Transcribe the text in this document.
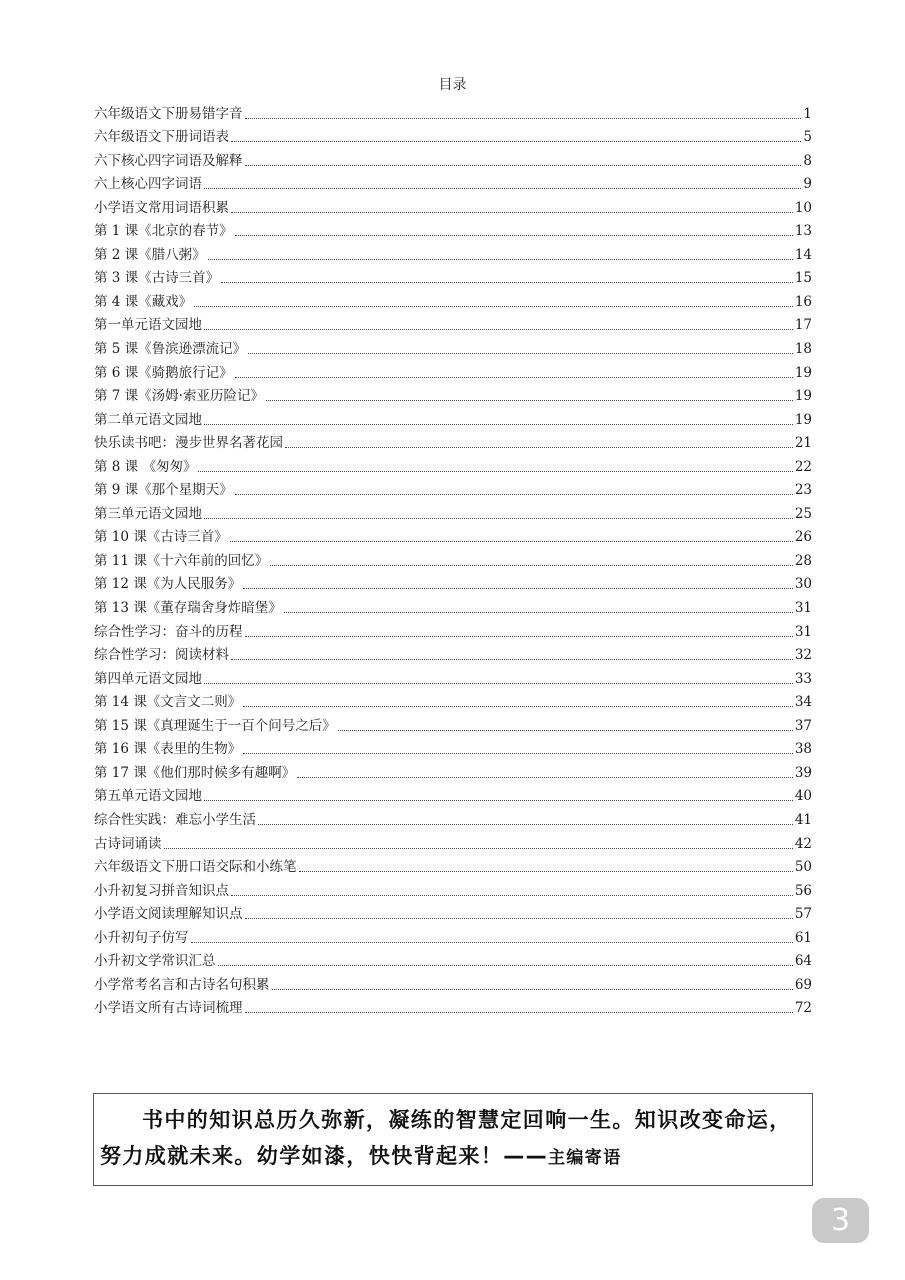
目录
六年级语文下册易错字音	1
六年级语文下册词语表	5
六下核心四字词语及解释	8
六上核心四字词语	9
小学语文常用词语积累	10
第 1 课《北京的春节》	13
第 2 课《腊八粥》	14
第 3 课《古诗三首》	15
第 4 课《藏戏》	16
第一单元语文园地	17
第 5 课《鲁滨逊漂流记》	18
第 6 课《骑鹅旅行记》	19
第 7 课《汤姆·索亚历险记》	19
第二单元语文园地	19
快乐读书吧：漫步世界名著花园	21
第 8 课 《匆匆》	22
第 9 课《那个星期天》	23
第三单元语文园地	25
第 10 课《古诗三首》	26
第 11 课《十六年前的回忆》	28
第 12 课《为人民服务》	30
第 13 课《董存瑞舍身炸暗堡》	31
综合性学习：奋斗的历程	31
综合性学习：阅读材料	32
第四单元语文园地	33
第 14 课《文言文二则》	34
第 15 课《真理诞生于一百个问号之后》	37
第 16 课《表里的生物》	38
第 17 课《他们那时候多有趣啊》	39
第五单元语文园地	40
综合性实践：难忘小学生活	41
古诗词诵读	42
六年级语文下册口语交际和小练笔	50
小升初复习拼音知识点	56
小学语文阅读理解知识点	57
小升初句子仿写	61
小升初文学常识汇总	64
小学常考名言和古诗名句积累	69
小学语文所有古诗词梳理	72
书中的知识总历久弥新，凝练的智慧定回响一生。知识改变命运，努力成就未来。幼学如漆，快快背起来！——主编寄语
3
